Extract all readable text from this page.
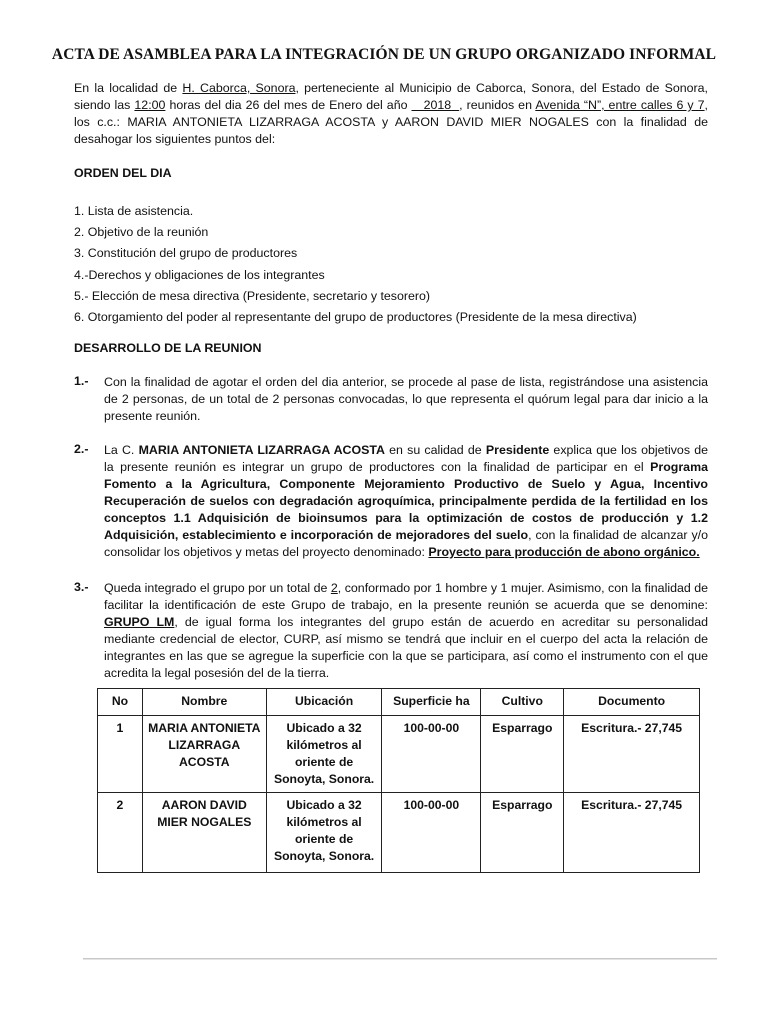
ACTA DE ASAMBLEA PARA LA INTEGRACIÓN DE UN GRUPO ORGANIZADO INFORMAL
En la localidad de H. Caborca, Sonora, perteneciente al Municipio de Caborca, Sonora, del Estado de Sonora, siendo las 12:00 horas del dia 26 del mes de Enero del año    2018  , reunidos en Avenida “N”, entre calles 6 y 7, los c.c.: MARIA ANTONIETA LIZARRAGA ACOSTA y AARON DAVID MIER NOGALES con la finalidad de desahogar los siguientes puntos del:
ORDEN DEL DIA
1. Lista de asistencia.
2. Objetivo de la reunión
3. Constitución del grupo de productores
4.-Derechos y obligaciones de los integrantes
5.- Elección de mesa directiva (Presidente, secretario y tesorero)
6. Otorgamiento del poder al representante del grupo de productores (Presidente de la mesa directiva)
DESARROLLO DE LA REUNION
1.- Con la finalidad de agotar el orden del dia anterior, se procede al pase de lista, registrándose una asistencia de 2 personas, de un total de 2 personas convocadas, lo que representa el quórum legal para dar inicio a la presente reunión.
2.- La C. MARIA ANTONIETA LIZARRAGA ACOSTA en su calidad de Presidente explica que los objetivos de la presente reunión es integrar un grupo de productores con la finalidad de participar en el Programa Fomento a la Agricultura, Componente Mejoramiento Productivo de Suelo y Agua, Incentivo Recuperación de suelos con degradación agroquímica, principalmente perdida de la fertilidad en los conceptos 1.1 Adquisición de bioinsumos para la optimización de costos de producción y 1.2 Adquisición, establecimiento e incorporación de mejoradores del suelo, con la finalidad de alcanzar y/o consolidar los objetivos y metas del proyecto denominado: Proyecto para producción de abono orgánico.
3.- Queda integrado el grupo por un total de 2, conformado por 1 hombre y 1 mujer. Asimismo, con la finalidad de facilitar la identificación de este Grupo de trabajo, en la presente reunión se acuerda que se denomine: GRUPO LM, de igual forma los integrantes del grupo están de acuerdo en acreditar su personalidad mediante credencial de elector, CURP, así mismo se tendrá que incluir en el cuerpo del acta la relación de integrantes en las que se agregue la superficie con la que se participara, así como el instrumento con el que acredita la legal posesión del de la tierra.
No	Nombre	Ubicación	Superficie ha	Cultivo	Documento
1	MARIA ANTONIETA LIZARRAGA ACOSTA	Ubicado a 32 kilómetros al oriente de Sonoyta, Sonora.	100-00-00	Esparrago	Escritura.- 27,745
2	AARON DAVID MIER NOGALES	Ubicado a 32 kilómetros al oriente de Sonoyta, Sonora.	100-00-00	Esparrago	Escritura.- 27,745
